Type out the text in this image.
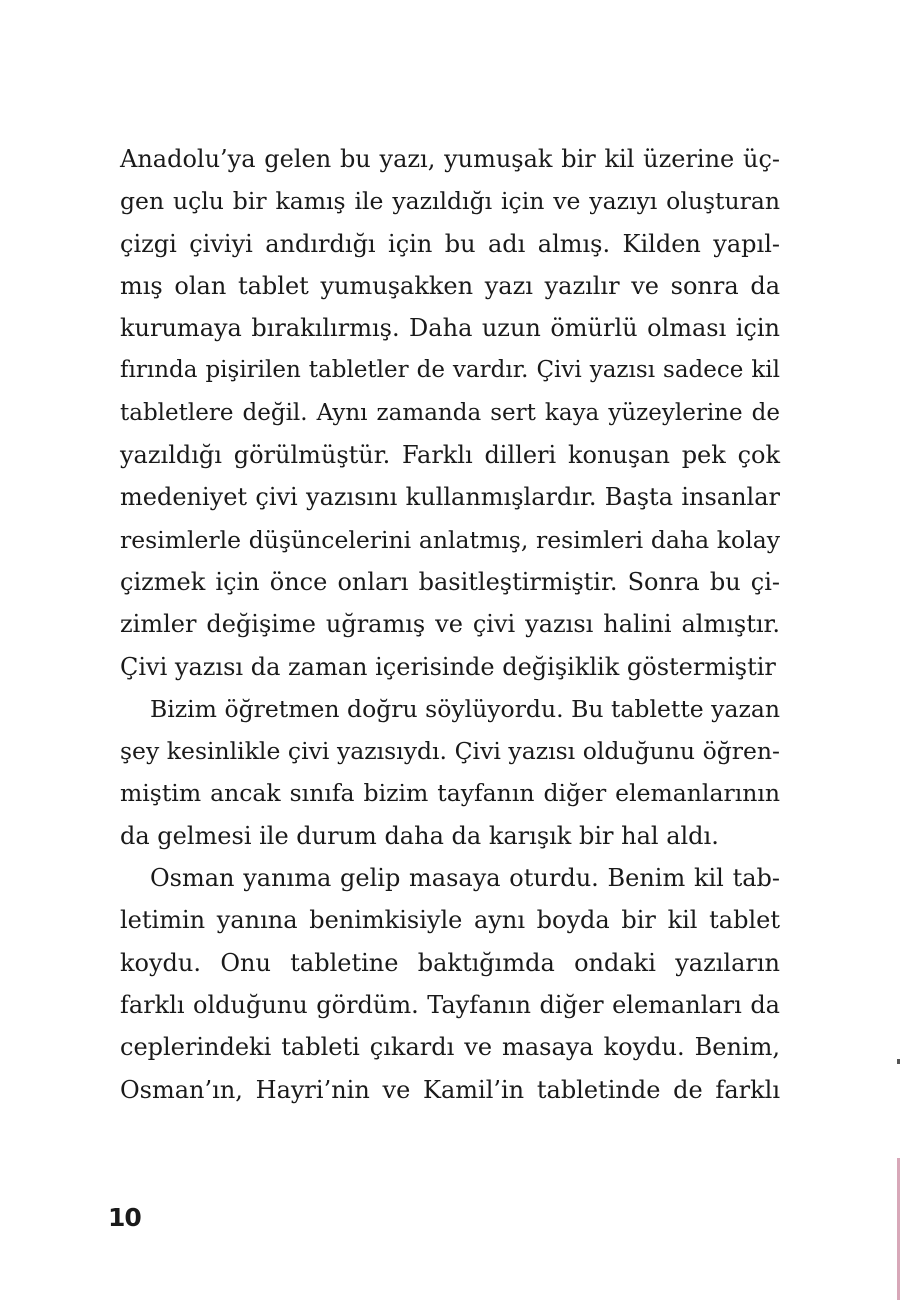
Anadolu’ya gelen bu yazı, yumuşak bir kil üzerine üç-
gen uçlu bir kamış ile yazıldığı için ve yazıyı oluşturan
çizgi çiviyi andırdığı için bu adı almış. Kilden yapıl-
mış olan tablet yumuşakken yazı yazılır ve sonra da
kurumaya bırakılırmış. Daha uzun ömürlü olması için
fırında pişirilen tabletler de vardır. Çivi yazısı sadece kil
tabletlere değil. Aynı zamanda sert kaya yüzeylerine de
yazıldığı görülmüştür. Farklı dilleri konuşan pek çok
medeniyet çivi yazısını kullanmışlardır. Başta insanlar
resimlerle düşüncelerini anlatmış, resimleri daha kolay
çizmek için önce onları basitleştirmiştir. Sonra bu çi-
zimler değişime uğramış ve çivi yazısı halini almıştır.
Çivi yazısı da zaman içerisinde değişiklik göstermiştir
Bizim öğretmen doğru söylüyordu. Bu tablette yazan
şey kesinlikle çivi yazısıydı. Çivi yazısı olduğunu öğren-
miştim ancak sınıfa bizim tayfanın diğer elemanlarının
da gelmesi ile durum daha da karışık bir hal aldı.
Osman yanıma gelip masaya oturdu. Benim kil tab-
letimin yanına benimkisiyle aynı boyda bir kil tablet
koydu. Onu tabletine baktığımda ondaki yazıların
farklı olduğunu gördüm. Tayfanın diğer elemanları da
ceplerindeki tableti çıkardı ve masaya koydu. Benim,
Osman’ın, Hayri’nin ve Kamil’in tabletinde de farklı
10
